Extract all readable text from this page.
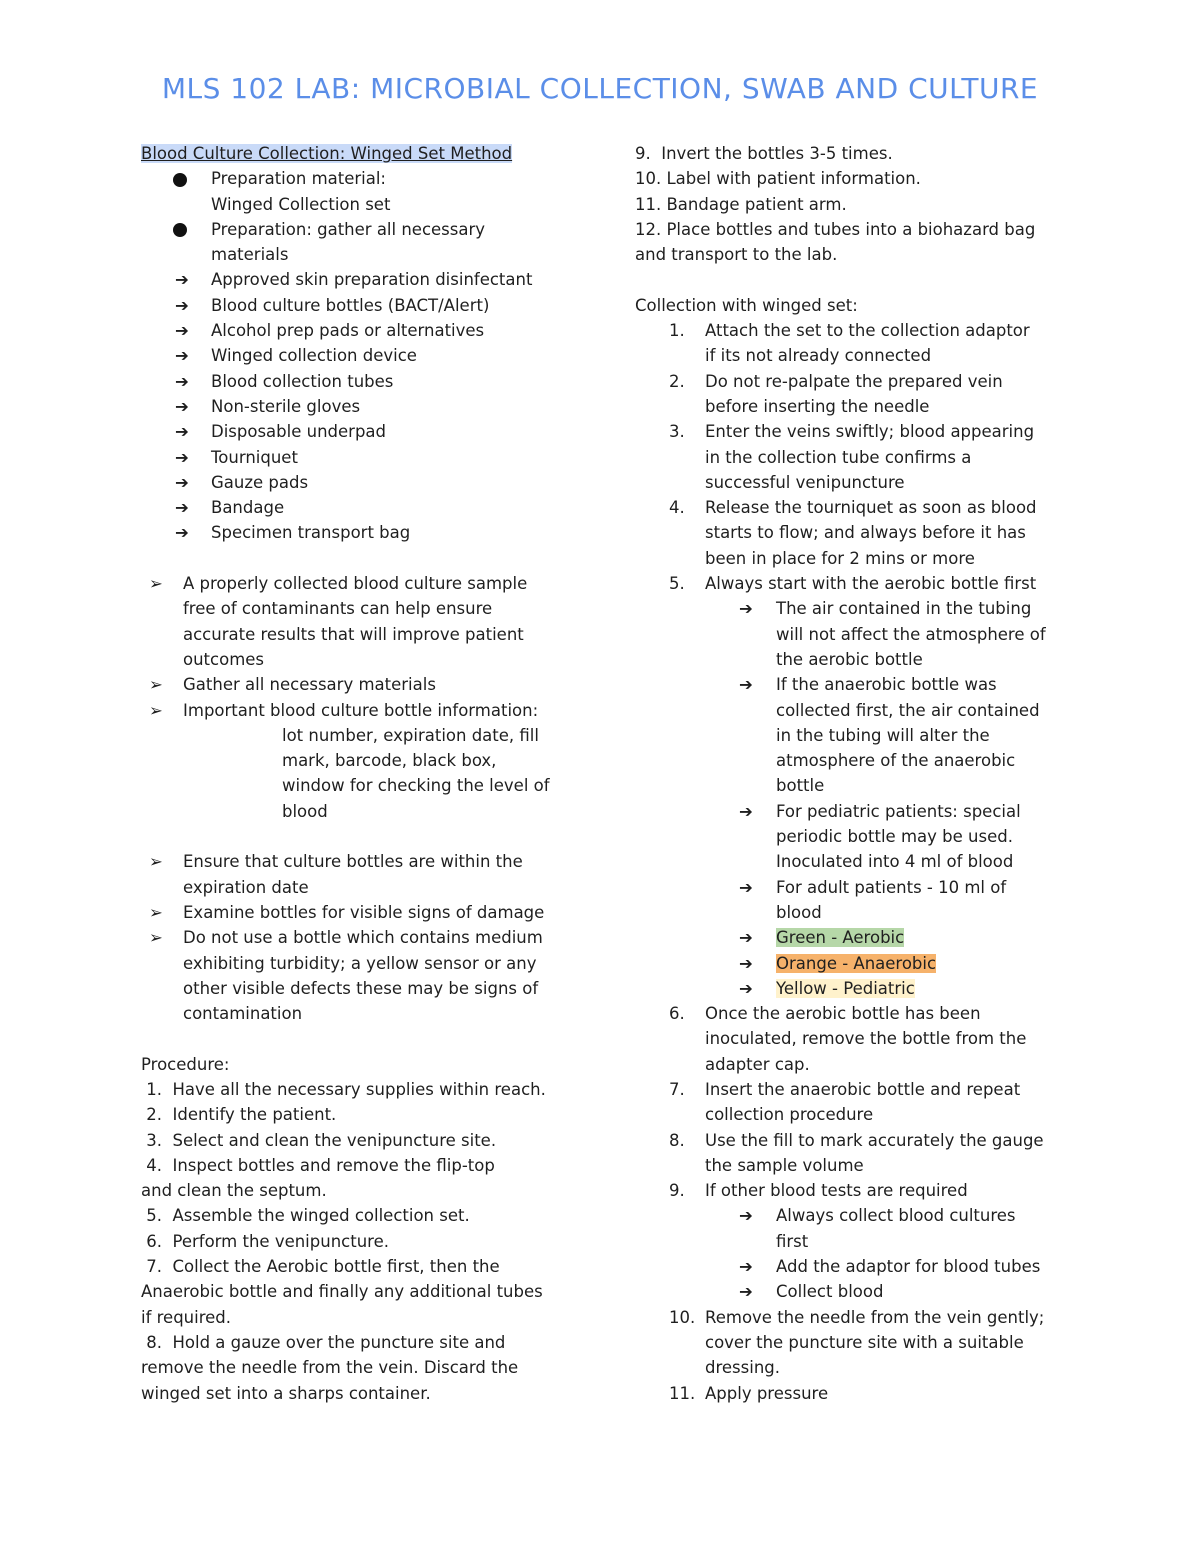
MLS 102 LAB: MICROBIAL COLLECTION, SWAB AND CULTURE
Blood Culture Collection: Winged Set Method
Preparation material:
Winged Collection set
Preparation: gather all necessary
materials
➔ Approved skin preparation disinfectant
➔ Blood culture bottles (BACT/Alert)
➔ Alcohol prep pads or alternatives
➔ Winged collection device
➔ Blood collection tubes
➔ Non-sterile gloves
➔ Disposable underpad
➔ Tourniquet
➔ Gauze pads
➔ Bandage
➔ Specimen transport bag
➢ A properly collected blood culture sample
free of contaminants can help ensure
accurate results that will improve patient
outcomes
➢ Gather all necessary materials
➢ Important blood culture bottle information:
lot number, expiration date, fill
mark, barcode, black box,
window for checking the level of
blood
➢ Ensure that culture bottles are within the
expiration date
➢ Examine bottles for visible signs of damage
➢ Do not use a bottle which contains medium
exhibiting turbidity; a yellow sensor or any
other visible defects these may be signs of
contamination
Procedure:
1.  Have all the necessary supplies within reach.
2.  Identify the patient.
3.  Select and clean the venipuncture site.
4.  Inspect bottles and remove the flip-top
and clean the septum.
5.  Assemble the winged collection set.
6.  Perform the venipuncture.
7.  Collect the Aerobic bottle first, then the
Anaerobic bottle and finally any additional tubes
if required.
8.  Hold a gauze over the puncture site and
remove the needle from the vein. Discard the
winged set into a sharps container.
9.  Invert the bottles 3-5 times.
10. Label with patient information.
11. Bandage patient arm.
12. Place bottles and tubes into a biohazard bag
and transport to the lab.
Collection with winged set:
1. Attach the set to the collection adaptor
if its not already connected
2. Do not re-palpate the prepared vein
before inserting the needle
3. Enter the veins swiftly; blood appearing
in the collection tube confirms a
successful venipuncture
4. Release the tourniquet as soon as blood
starts to flow; and always before it has
been in place for 2 mins or more
5. Always start with the aerobic bottle first
➔ The air contained in the tubing
will not affect the atmosphere of
the aerobic bottle
➔ If the anaerobic bottle was
collected first, the air contained
in the tubing will alter the
atmosphere of the anaerobic
bottle
➔ For pediatric patients: special
periodic bottle may be used.
Inoculated into 4 ml of blood
➔ For adult patients - 10 ml of
blood
➔ Green - Aerobic
➔ Orange - Anaerobic
➔ Yellow - Pediatric
6. Once the aerobic bottle has been
inoculated, remove the bottle from the
adapter cap.
7. Insert the anaerobic bottle and repeat
collection procedure
8. Use the fill to mark accurately the gauge
the sample volume
9. If other blood tests are required
➔ Always collect blood cultures
first
➔ Add the adaptor for blood tubes
➔ Collect blood
10. Remove the needle from the vein gently;
cover the puncture site with a suitable
dressing.
11. Apply pressure
